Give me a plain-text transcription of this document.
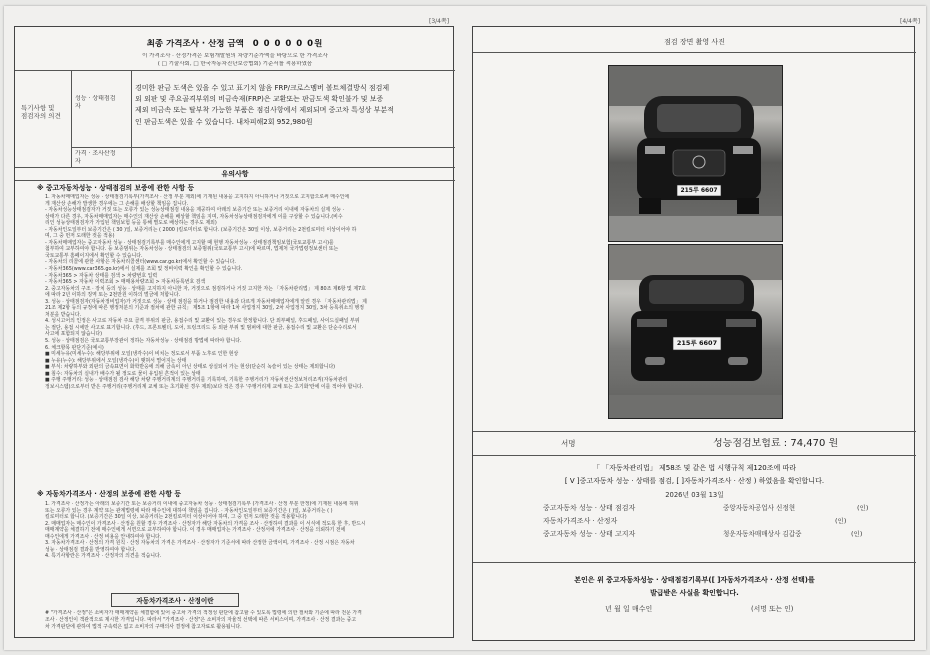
[3/4쪽]	[4/4쪽]
최종 가격조사 · 산정 금액 0 0 0 0 0 0원
이 가격조사 · 산정가격은 보험개발원의 차량기준가액을 바탕으로 한 가격조사
( □ 기술사회, □ 한국자동차진단보증협회) 기준서를 적용하였음
특기사항 및
점검자의 의견
성능 · 상태점검
자
경미한 판금 도색은 있을 수 있고 표기치 않음 FRP/크로스멤버 볼트체결방식 점검제
외 외판 및 주요골격부위의 비금속재(FRP)은 교환또는 판금도색 확인불가 및 보증
제외 비금속 또는 탈부착 가능한 부품은 점검사항에서 제외되며 중고차 특성상 부분적
인 판금도색은 있을 수 있습니다. 내차피해2회 952,980원
가격 · 조사산정
자
유의사항
※ 중고자동차성능 · 상태점검의 보증에 관한 사항 등
1. 자동차매매업자는 성능 · 상태점검기록부(가격조사 · 산정 부분 제외)에 기재된 내용을 고지하지 아니하거나 거짓으로 고지함으로써 매수인에
게 재산상 손해가 발생한 경우에는 그 손해를 배상할 책임을 집니다.
- 자동차성능상태점검자가 거짓 또는 오류가 있는 성능상태점검 내용을 제공하여 아래의 보증기간 또는 보증거리 이내에 자동차의 실제 성능 ·
상태가 다른 경우, 자동차매매업자는 매수인의 재산상 손해를 배상할 책임을 지며, 자동차성능상태점검자에게 이를 구상할 수 있습니다.(비수
리인 성능상태점검자가 가입된 책임보험 등을 통해 별도로 배상하는 경우도 제외)
- 자동차인도일부터 보증기간은 ( 30 )일, 보증거리는 ( 2000 )킬로미터로 합니다. (보증기간은 30일 이상, 보증거리는 2천킬로미터 이상이어야 하
며, 그 중 먼저 도래한 것을 적용)
- 자동차매매업자는 중고자동차 성능 · 상태점검기록부를 매수인에게 고지할 때 현행 자동차성능 · 상태점검책임보험(국토교통부 고시)를
첨부하여 교부하여야 합니다. 등 보증범위는 자동차성능 · 상태점검의 보증범위(국토교통부 고시)에 따르며, 법제처 국가법령정보센터 또는
국토교통부 홈페이지에서 확인할 수 있습니다.
- 자동차의 리콜에 관한 사항은 자동차리콜센터(www.car.go.kr)에서 확인할 수 있습니다.
- 자동차365(www.car365.go.kr)에서 실제를 조회 및 정비이력 확인을 확인할 수 있습니다.
- 자동차365 > 자동차 상태를 검색 > 차량번호 입력
- 자동차365 > 자동차 이력조회 > 매매용차량조회 > 자동차등록번호 검색
2. 중고자동차의 구조 · 장치 등의 성능 · 상태를 고지하지 아니한 자, 거짓으로 점검하거나 거짓 고지한 자는 「자동차관리법」 제 80조 제6항 및 제7호
에 따라 2년 이하의 징역 또는 2천만원 이하의 벌금에 처합니다.
3. 성능 · 상태점검자(자동차정비업자)가 거짓으로 성능 · 상태 점검을 하거나 점검한 내용과 다르게 자동차매매업자에게 알린 경우 「자동차관리법」 제
21조 제2항 등의 규정에 따른 행정처분의 기준과 절차에 관한 규칙」 제5조 1항에 따라 1차 사업정지 30일, 2차 사업정지 30일, 3차 등록취소의 행정
처분을 받습니다.
4. 성시고어의 인정은 사고로 자동차 주요 골격 부위의 판금, 용접수리 및 교환이 있는 경우로 한정합니다. 단 외부패널, 후드패널, 사이드실패널 부위
는 절단, 용접 시에만 사고로 표기합니다. (후드, 프론트휀더, 도어, 트렁크리드 등 외판 부위 및 범퍼에 대한 판금, 용접수리 및 교환은 단순수리로서
사고에 포함되지 않습니다)
5. 성능 · 상태점검은 국토교통부장관이 정하는 자동차성능 · 상태점검 방법에 따라야 합니다.
6. 체크항목 판단기준(예시)
■ 미세누유(미세누수): 해당부위에 오일(냉각수)이 비치는 정도로서 부품 노후로 인한 현상
■ 누유(누수): 해당부위에서 오일(냉각수)이 맺혀서 떨어지는 상태
■ 부식: 차량하부와 외판의 금속표면이 화학반응에 의해 금속이 아닌 상태로 상실되어 가는 현상(단순히 녹슬어 있는 상태는 제외합니다)
■ 침수: 자동차의 실내가 배수가 될 정도로 물이 유입된 흔적이 있는 상태
■ 주행 주행거리: 성능 · 상태점검 검사 해당 차량 주행거리계의 주행거리를 기록하며, 기록한 주행거리가 자동차전산정보처리조직(자동차관리
정보시스템)으로부터 받은 주행거리(주행거리계 교체 또는 초기화된 경우 제외)보다 적은 경우 '주행거리계 교체 또는 초기화'란에 이를 적어야 합니다.
※ 자동차가격조사 · 산정의 보증에 관한 사항 등
1. 가격조사 · 산정가는 아래의 보증기간 또는 보증거리 이내에 중고자동차 성능 · 상태점검기록부 (가격조사 · 산정 부분 한정)에 기재된 내용에 허위
또는 오류가 있는 경우 계약 또는 관계법령에 따라 매수인에 대하여 책임을 집니다. · 자동차인도일부터 보증기간은 ( )일, 보증거리는 ( )
킬로미터로 합니다. (보증기간은 30일 이상, 보증거리는 2천킬로미터 이상이어야 하며, 그 중 먼저 도래한 것을 적용합니다)
2. 매매업자는 매수인이 가격조사 · 산정을 원할 경우 가격조사 · 산정자가 해당 자동차의 가격을 조사 · 산정하여 결과를 이 서식에 적도록 한 후, 반드시
매매계약을 체결하기 전에 매수인에게 서면으로 교부하여야 합니다. 이 경우 매매업자는 가격조사 · 산정서에 가격조사 · 산정을 의뢰하기 전에
매수인에게 가격조사 · 산정 비용을 안내하여야 합니다.
3. 자동차가격조사 · 산정의 가격 원칙 · 산정 자동차의 가격은 가격조사 · 산정자가 기준서에 따라 산정한 금액이며, 가격조사 · 산정 시점은 자동차
성능 · 상태점검 결과를 반영하여야 합니다.
4. 특기사항란은 가격조사 · 산정자의 의견을 적습니다.
자동차가격조사 · 산정이란
# "가격조사 · 산정"은 소비자가 매매계약을 체결함에 있어 중고차 가격의 적정성 판단에 참고할 수 있도록 법령에 의한 절차와 기준에 따라 전문 가격
조사 · 산정인이 객관적으로 제시한 가격입니다. 따라서 "가격조사 · 산정"은 소비자의 자율적 선택에 따른 서비스이며, 가격조사 · 산정 결과는 중고
차 가격판단에 관하여 법적 구속력은 없고 소비자의 구매의사 결정에 참고자료로 활용됩니다.
점검 장면 촬영 사진
215루 6607
215루 6607
서명	성능점검보험료 : 74,470 원
「 「자동차관리법」 제58조 및 같은 법 시행규칙 제120조에 따라
[ V ]중고자동차 성능 · 상태를 점검, [ ]자동차가격조사 · 산정 ) 하였음을 확인합니다.
2026년 03월 13일
중고자동차 성능 · 상태 점검자	중앙자동차공업사 신정현	(인)
자동차가격조사 · 산정자	(인)
중고자동차 성능 · 상태 고지자	청운자동차매매상사 김갑중	(인)
본인은 위 중고자동차성능 · 상태점검기록부([ ]자동차가격조사 · 산정 선택)를
발급받은 사실을 확인합니다.
년 월 일 매수인	(서명 또는 인)
